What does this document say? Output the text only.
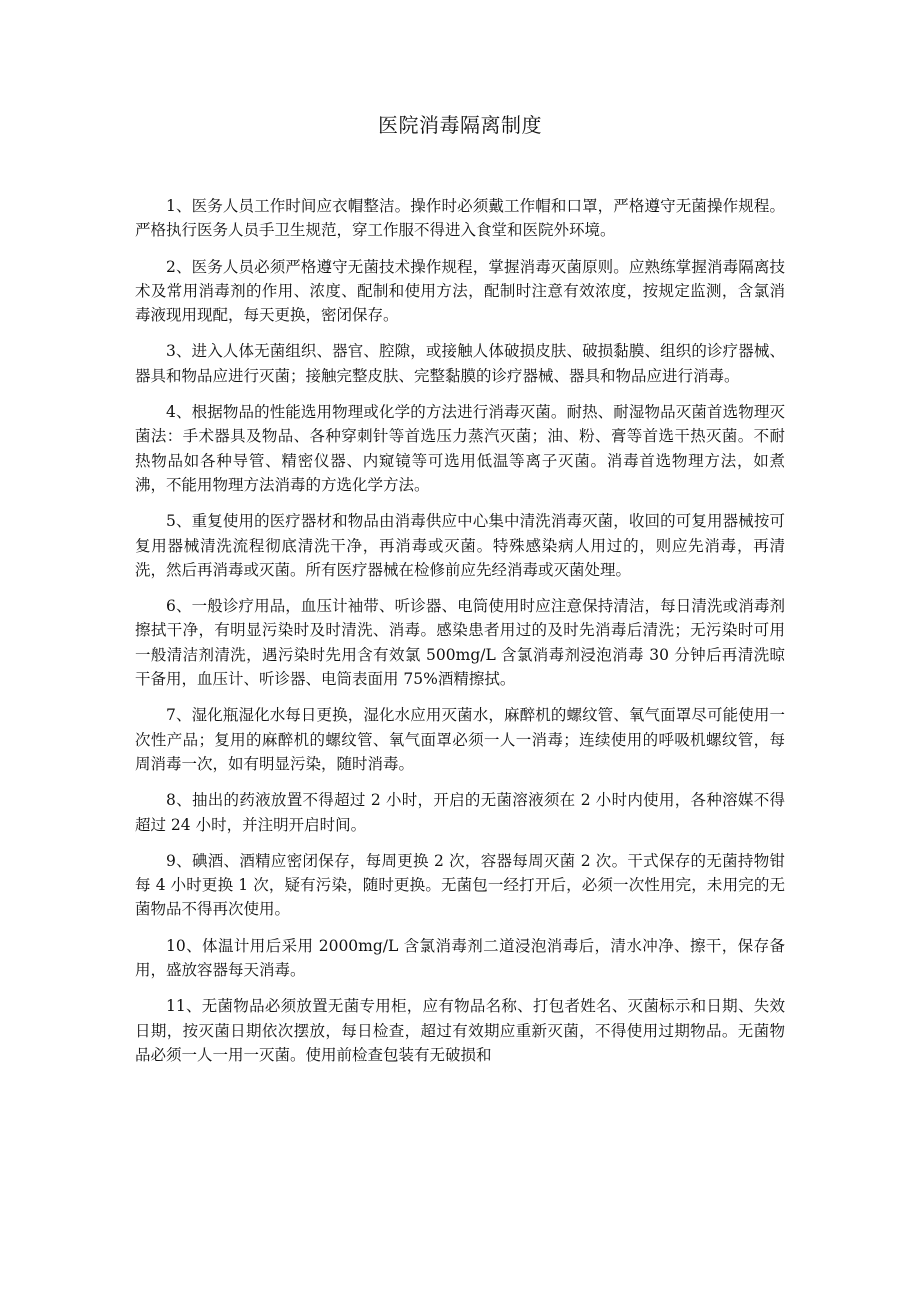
医院消毒隔离制度

1、医务人员工作时间应衣帽整洁。操作时必须戴工作帽和口罩，严格遵守无菌操作规程。严格执行医务人员手卫生规范，穿工作服不得进入食堂和医院外环境。

2、医务人员必须严格遵守无菌技术操作规程，掌握消毒灭菌原则。应熟练掌握消毒隔离技术及常用消毒剂的作用、浓度、配制和使用方法，配制时注意有效浓度，按规定监测，含氯消毒液现用现配，每天更换，密闭保存。

3、进入人体无菌组织、器官、腔隙，或接触人体破损皮肤、破损黏膜、组织的诊疗器械、器具和物品应进行灭菌；接触完整皮肤、完整黏膜的诊疗器械、器具和物品应进行消毒。

4、根据物品的性能选用物理或化学的方法进行消毒灭菌。耐热、耐湿物品灭菌首选物理灭菌法：手术器具及物品、各种穿刺针等首选压力蒸汽灭菌；油、粉、膏等首选干热灭菌。不耐热物品如各种导管、精密仪器、内窥镜等可选用低温等离子灭菌。消毒首选物理方法，如煮沸，不能用物理方法消毒的方选化学方法。

5、重复使用的医疗器材和物品由消毒供应中心集中清洗消毒灭菌，收回的可复用器械按可复用器械清洗流程彻底清洗干净，再消毒或灭菌。特殊感染病人用过的，则应先消毒，再清洗，然后再消毒或灭菌。所有医疗器械在检修前应先经消毒或灭菌处理。

6、一般诊疗用品，血压计袖带、听诊器、电筒使用时应注意保持清洁，每日清洗或消毒剂擦拭干净，有明显污染时及时清洗、消毒。感染患者用过的及时先消毒后清洗；无污染时可用一般清洁剂清洗，遇污染时先用含有效氯 500mg/L 含氯消毒剂浸泡消毒 30 分钟后再清洗晾干备用，血压计、听诊器、电筒表面用 75%酒精擦拭。

7、湿化瓶湿化水每日更换，湿化水应用灭菌水，麻醉机的螺纹管、氧气面罩尽可能使用一次性产品；复用的麻醉机的螺纹管、氧气面罩必须一人一消毒；连续使用的呼吸机螺纹管，每周消毒一次，如有明显污染，随时消毒。

8、抽出的药液放置不得超过 2 小时，开启的无菌溶液须在 2 小时内使用，各种溶媒不得超过 24 小时，并注明开启时间。

9、碘酒、酒精应密闭保存，每周更换 2 次，容器每周灭菌 2 次。干式保存的无菌持物钳每 4 小时更换 1 次，疑有污染，随时更换。无菌包一经打开后，必须一次性用完，未用完的无菌物品不得再次使用。

10、体温计用后采用 2000mg/L 含氯消毒剂二道浸泡消毒后，清水冲净、擦干，保存备用，盛放容器每天消毒。

11、无菌物品必须放置无菌专用柜，应有物品名称、打包者姓名、灭菌标示和日期、失效日期，按灭菌日期依次摆放，每日检查，超过有效期应重新灭菌，不得使用过期物品。无菌物品必须一人一用一灭菌。使用前检查包装有无破损和
